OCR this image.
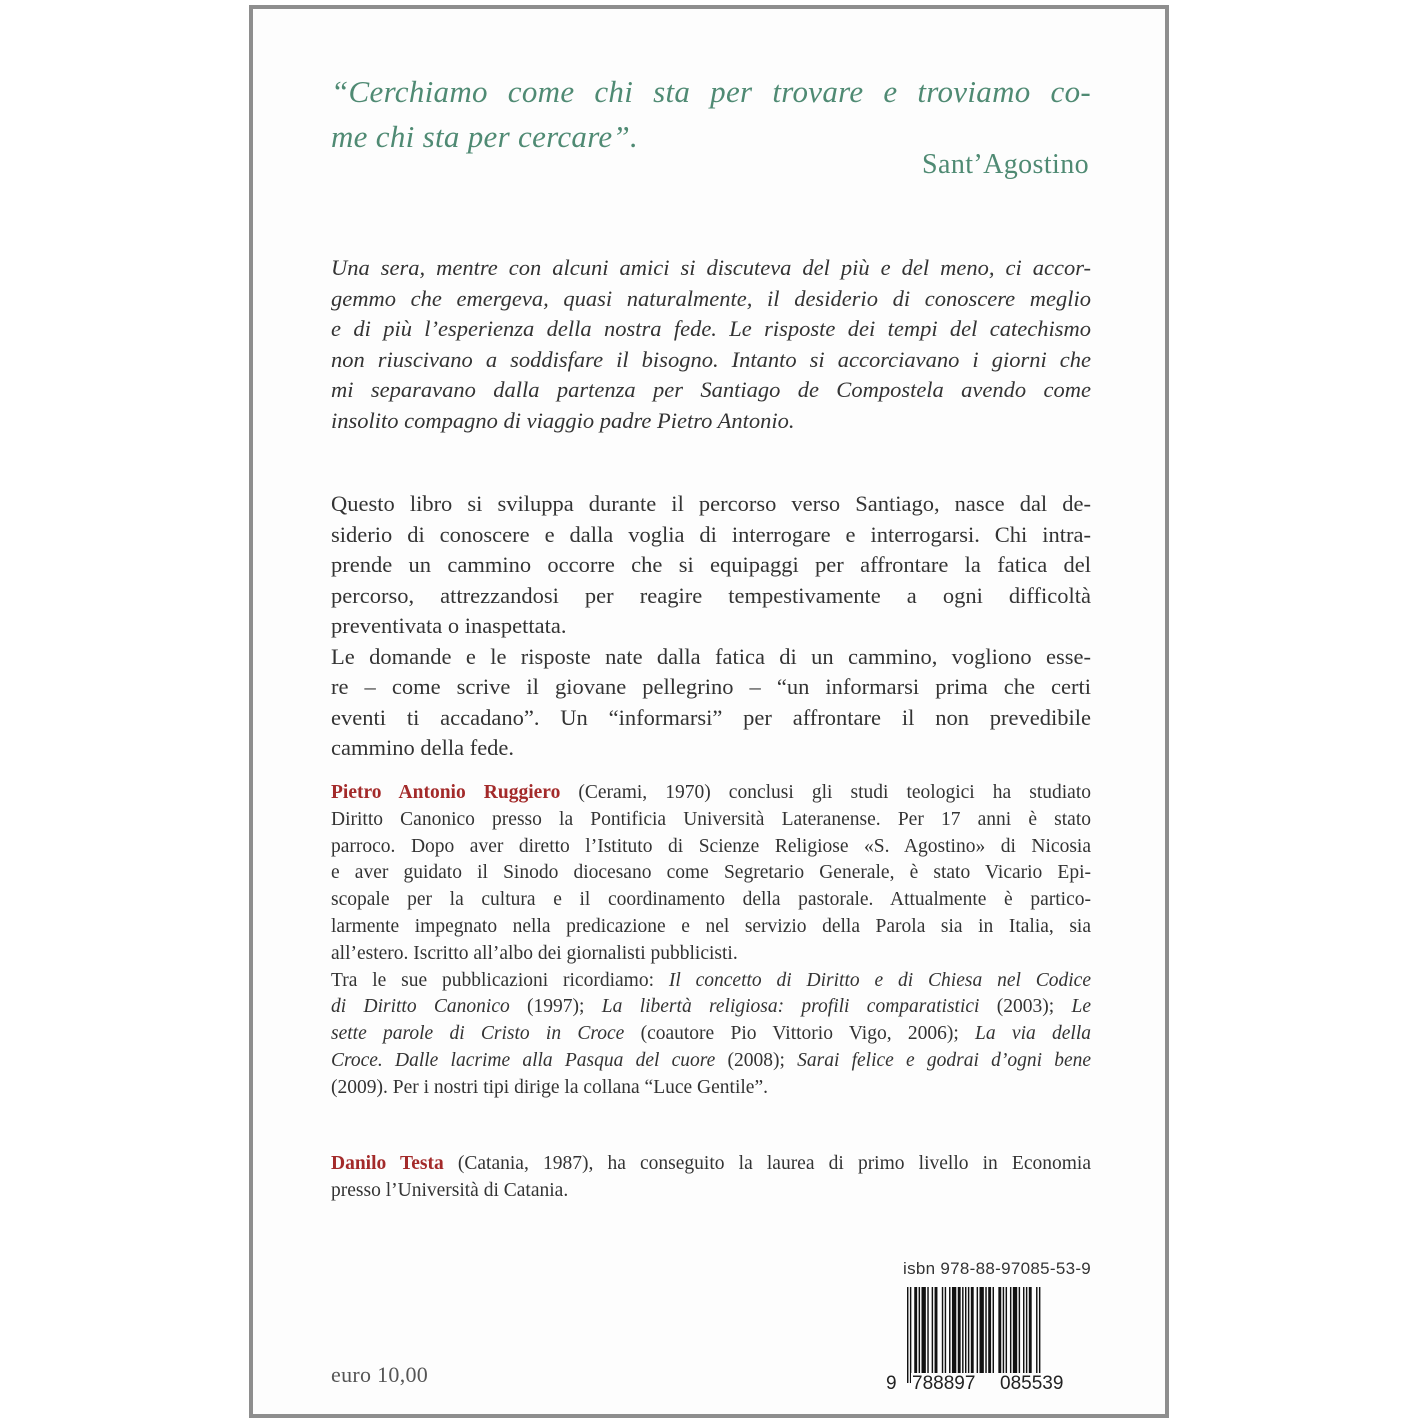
“Cerchiamo come chi sta per trovare e troviamo co-
me chi sta per cercare”.
Sant’Agostino
Una sera, mentre con alcuni amici si discuteva del più e del meno, ci accor-
gemmo che emergeva, quasi naturalmente, il desiderio di conoscere meglio
e di più l’esperienza della nostra fede. Le risposte dei tempi del catechismo
non riuscivano a soddisfare il bisogno. Intanto si accorciavano i giorni che
mi separavano dalla partenza per Santiago de Compostela avendo come
insolito compagno di viaggio padre Pietro Antonio.
Questo libro si sviluppa durante il percorso verso Santiago, nasce dal de-
siderio di conoscere e dalla voglia di interrogare e interrogarsi. Chi intra-
prende un cammino occorre che si equipaggi per affrontare la fatica del
percorso, attrezzandosi per reagire tempestivamente a ogni difficoltà
preventivata o inaspettata.
Le domande e le risposte nate dalla fatica di un cammino, vogliono esse-
re – come scrive il giovane pellegrino – “un informarsi prima che certi
eventi ti accadano”. Un “informarsi” per affrontare il non prevedibile
cammino della fede.
Pietro Antonio Ruggiero (Cerami, 1970) conclusi gli studi teologici ha studiato
Diritto Canonico presso la Pontificia Università Lateranense. Per 17 anni è stato
parroco. Dopo aver diretto l’Istituto di Scienze Religiose «S. Agostino» di Nicosia
e aver guidato il Sinodo diocesano come Segretario Generale, è stato Vicario Epi-
scopale per la cultura e il coordinamento della pastorale. Attualmente è partico-
larmente impegnato nella predicazione e nel servizio della Parola sia in Italia, sia
all’estero. Iscritto all’albo dei giornalisti pubblicisti.
Tra le sue pubblicazioni ricordiamo: Il concetto di Diritto e di Chiesa nel Codice
di Diritto Canonico (1997); La libertà religiosa: profili comparatistici (2003); Le
sette parole di Cristo in Croce (coautore Pio Vittorio Vigo, 2006); La via della
Croce. Dalle lacrime alla Pasqua del cuore (2008); Sarai felice e godrai d’ogni bene
(2009). Per i nostri tipi dirige la collana “Luce Gentile”.
Danilo Testa (Catania, 1987), ha conseguito la laurea di primo livello in Economia
presso l’Università di Catania.
isbn 978-88-97085-53-9
9 788897 085539
euro 10,00
